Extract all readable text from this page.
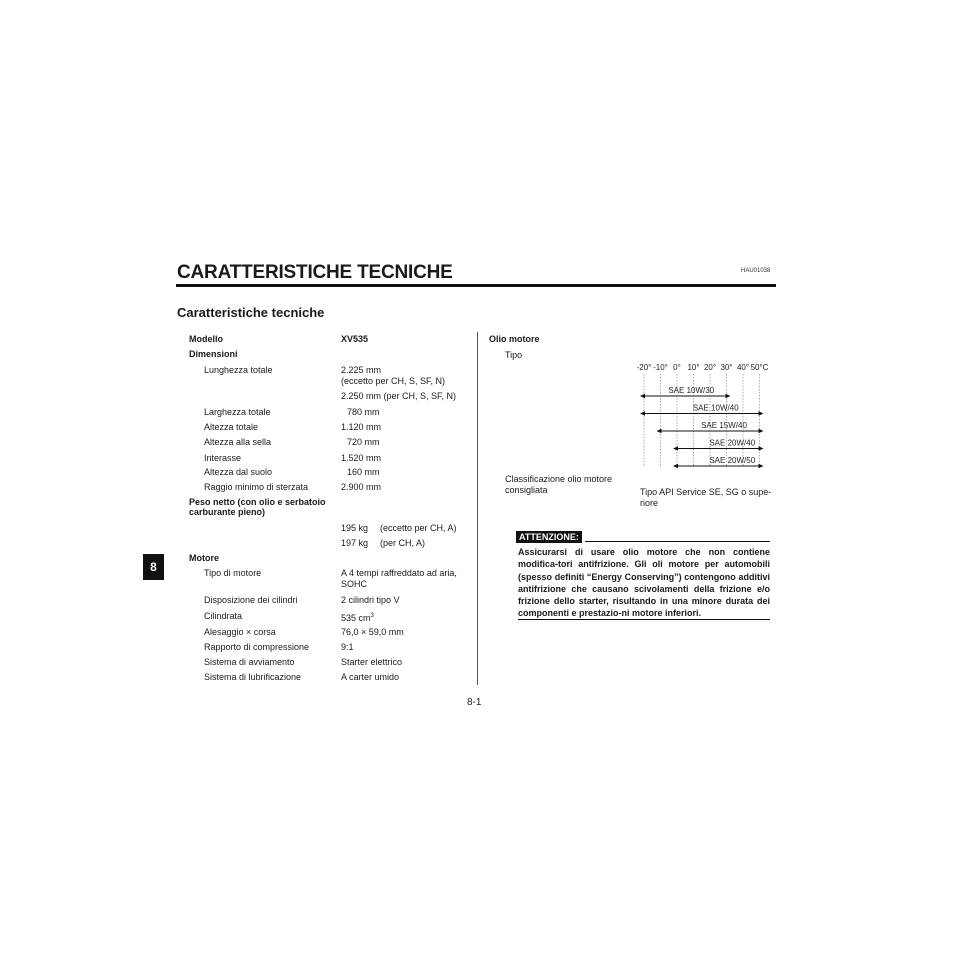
CARATTERISTICHE TECNICHE	HAU01038
Caratteristiche tecniche
8
Modello	XV535
Dimensioni
Lunghezza totale	2.225 mm
(eccetto per CH, S, SF, N)
2.250 mm (per CH, S, SF, N)
Larghezza totale	780 mm
Altezza totale	1.120 mm
Altezza alla sella	720 mm
Interasse	1.520 mm
Altezza dal suolo	160 mm
Raggio minimo di sterzata	2.900 mm
Peso netto (con olio e serbatoio
carburante pieno)
195 kg (eccetto per CH, A)
197 kg (per CH, A)
Motore
Tipo di motore	A 4 tempi raffreddato ad aria,
SOHC
Disposizione dei cilindri	2 cilindri tipo V
Cilindrata	535 $cm^3$
Alesaggio × corsa	76,0 × 59,0 mm
Rapporto di compressione	9:1
Sistema di avviamento	Starter elettrico
Sistema di lubrificazione	A carter umido
Olio motore
Tipo
-20° -10° 0° 10° 20° 30° 40° 50°C
SAE 10W/30
SAE 10W/40
SAE 15W/40
SAE 20W/40
SAE 20W/50
Classificazione olio motore
consigliata	Tipo API Service SE, SG o supe-
riore
ATTENZIONE:
Assicurarsi di usare olio motore che non contiene modifica-tori antifrizione. Gli oli motore per automobili (spesso definiti “Energy Conserving”) contengono additivi antifrizione che causano scivolamenti della frizione e/o frizione dello starter, risultando in una minore durata dei componenti e prestazio-ni motore inferiori.
8-1
